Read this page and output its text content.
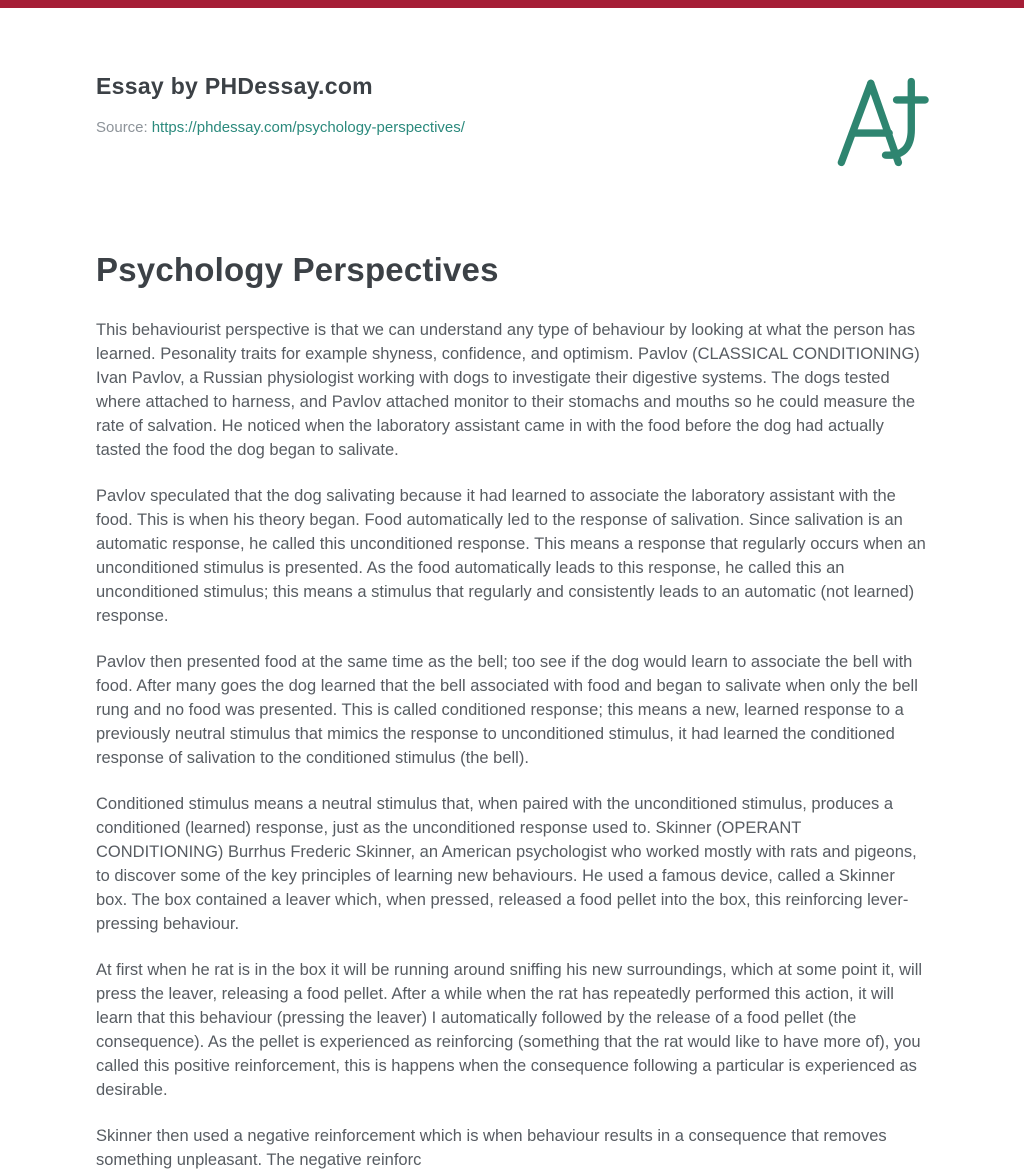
Essay by PHDessay.com
Source: https://phdessay.com/psychology-perspectives/
Psychology Perspectives

This behaviourist perspective is that we can understand any type of behaviour by looking at what the person has learned. Pesonality traits for example shyness, confidence, and optimism. Pavlov (CLASSICAL CONDITIONING) Ivan Pavlov, a Russian physiologist working with dogs to investigate their digestive systems. The dogs tested where attached to harness, and Pavlov attached monitor to their stomachs and mouths so he could measure the rate of salvation. He noticed when the laboratory assistant came in with the food before the dog had actually tasted the food the dog began to salivate.

Pavlov speculated that the dog salivating because it had learned to associate the laboratory assistant with the food. This is when his theory began. Food automatically led to the response of salivation. Since salivation is an automatic response, he called this unconditioned response. This means a response that regularly occurs when an unconditioned stimulus is presented. As the food automatically leads to this response, he called this an unconditioned stimulus; this means a stimulus that regularly and consistently leads to an automatic (not learned) response.

Pavlov then presented food at the same time as the bell; too see if the dog would learn to associate the bell with food. After many goes the dog learned that the bell associated with food and began to salivate when only the bell rung and no food was presented. This is called conditioned response; this means a new, learned response to a previously neutral stimulus that mimics the response to unconditioned stimulus, it had learned the conditioned response of salivation to the conditioned stimulus (the bell).

Conditioned stimulus means a neutral stimulus that, when paired with the unconditioned stimulus, produces a conditioned (learned) response, just as the unconditioned response used to. Skinner (OPERANT CONDITIONING) Burrhus Frederic Skinner, an American psychologist who worked mostly with rats and pigeons, to discover some of the key principles of learning new behaviours. He used a famous device, called a Skinner box. The box contained a leaver which, when pressed, released a food pellet into the box, this reinforcing lever-pressing behaviour.

At first when he rat is in the box it will be running around sniffing his new surroundings, which at some point it, will press the leaver, releasing a food pellet. After a while when the rat has repeatedly performed this action, it will learn that this behaviour (pressing the leaver) I automatically followed by the release of a food pellet (the consequence). As the pellet is experienced as reinforcing (something that the rat would like to have more of), you called this positive reinforcement, this is happens when the consequence following a particular is experienced as desirable.

Skinner then used a negative reinforcement which is when behaviour results in a consequence that removes something unpleasant. The negative reinforc
